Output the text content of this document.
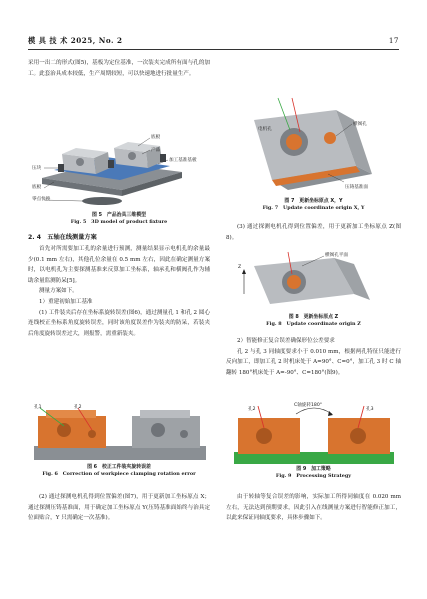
模 具 技 术 2025, No. 2	17

采用一出二的形式(图5)，基板为定位基准，一次装夹完成所有面与孔的加工。此套治具成本较低，生产周期较短，可以快速地进行批量生产。

底板
产品
加工基准基板
压块
底板
零点快换
图 5　产品治具三维模型
Fig. 5　3D model of product fixture
2. 4　五轴在线测量方案

首先对所需要加工孔的余量进行预测，测量结果显示电机孔的余量最少(0.1 mm 左右)，其他孔位余量在 0.5 mm 左右，因此在确定测量方案时，以电机孔为主要探测基准来反算加工坐标系，轴承孔和横阀孔作为辅助余量监测防呆[5]。

测量方案如下。

1）重建初始加工基准

(1) 工件装夹后存在坐标系旋转误差(图6)，通过测量孔 1 和孔 2 圆心连线校正坐标系角度旋转误差，同时该角度误差作为装夹的防呆，若装夹后角度旋转误差过大，则报警，需重新装夹。

孔1	孔2
图 6　校正工件装夹旋转误差
Fig. 6　Correction of workpiece clamping rotation error

(2) 通过探测电机孔得到位置偏差(图7)，用于更新加工坐标原点 X；通过探测压铸基准面，用于确定加工坐标原点 Y(压铸基准面始终与治具定位面贴合，Y 只需确定一次基准)。

电机孔
横阀孔
压铸基准面
图 7　更新坐标原点 X，Y
Fig. 7　Update coordinate origin X, Y

(3) 通过探测电机孔得到位置偏差，用于更新加工坐标原点 Z(图8)。

横阀孔平面
Z
图 8　更新坐标原点 Z
Fig. 8　Update coordinate origin Z

2）智能修正复合误差确保形位公差要求

孔 2 与孔 3 同轴度要求小于 0.010 mm，根据两孔特征只能进行反向加工，即加工孔 2 时机床处于 A=90°、C=0°，加工孔 3 时 C 轴翻转 180°机床处于 A=-90°、C=180°(图9)。

孔2
C轴旋转180°
孔3
图 9　加工策略
Fig. 9　Processing Strategy

由于转轴等复合误差的影响，实际加工所得同轴度在 0.020 mm 左右，无法达到预期要求，因此引入在线测量方案进行智能修正加工，以此来保证同轴度要求，具体步骤如下。
